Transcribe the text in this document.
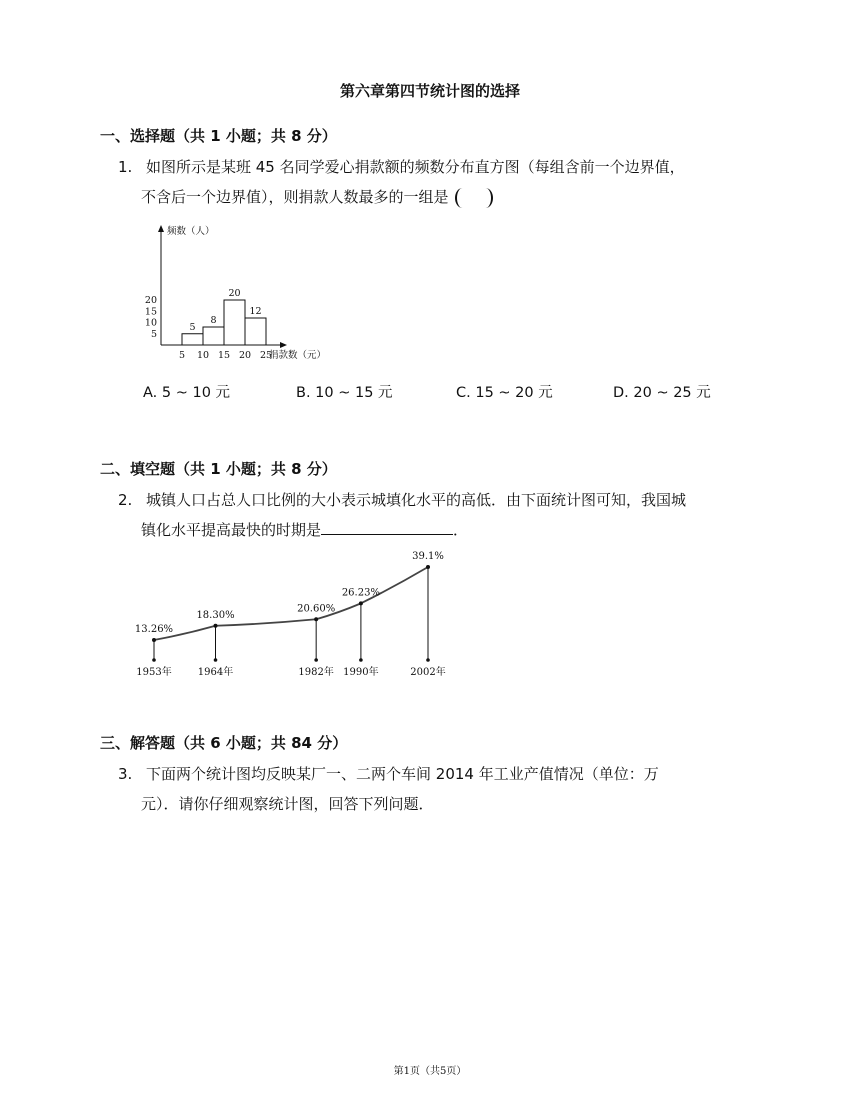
第六章第四节统计图的选择
一、选择题（共 1 小题；共 8 分）
1. 如图所示是某班 45 名同学爱心捐款额的频数分布直方图（每组含前一个边界值，
不含后一个边界值），则捐款人数最多的一组是
频数（人）
捐款数（元）
5
10
15
20
5 10 15 20 25
5
8
20
12
A. 5 ~ 10 元	B. 10 ~ 15 元	C. 15 ~ 20 元	D. 20 ~ 25 元
二、填空题（共 1 小题；共 8 分）
2. 城镇人口占总人口比例的大小表示城填化水平的高低．由下面统计图可知，我国城
镇化水平提高最快的时期是	．
13.26%
1953年
18.30%
1964年
20.60%
1982年
26.23%
1990年
39.1%
2002年
三、解答题（共 6 小题；共 84 分）
3. 下面两个统计图均反映某厂一、二两个车间 2014 年工业产值情况（单位：万
元）．请你仔细观察统计图，回答下列问题．
第1页（共5页）
